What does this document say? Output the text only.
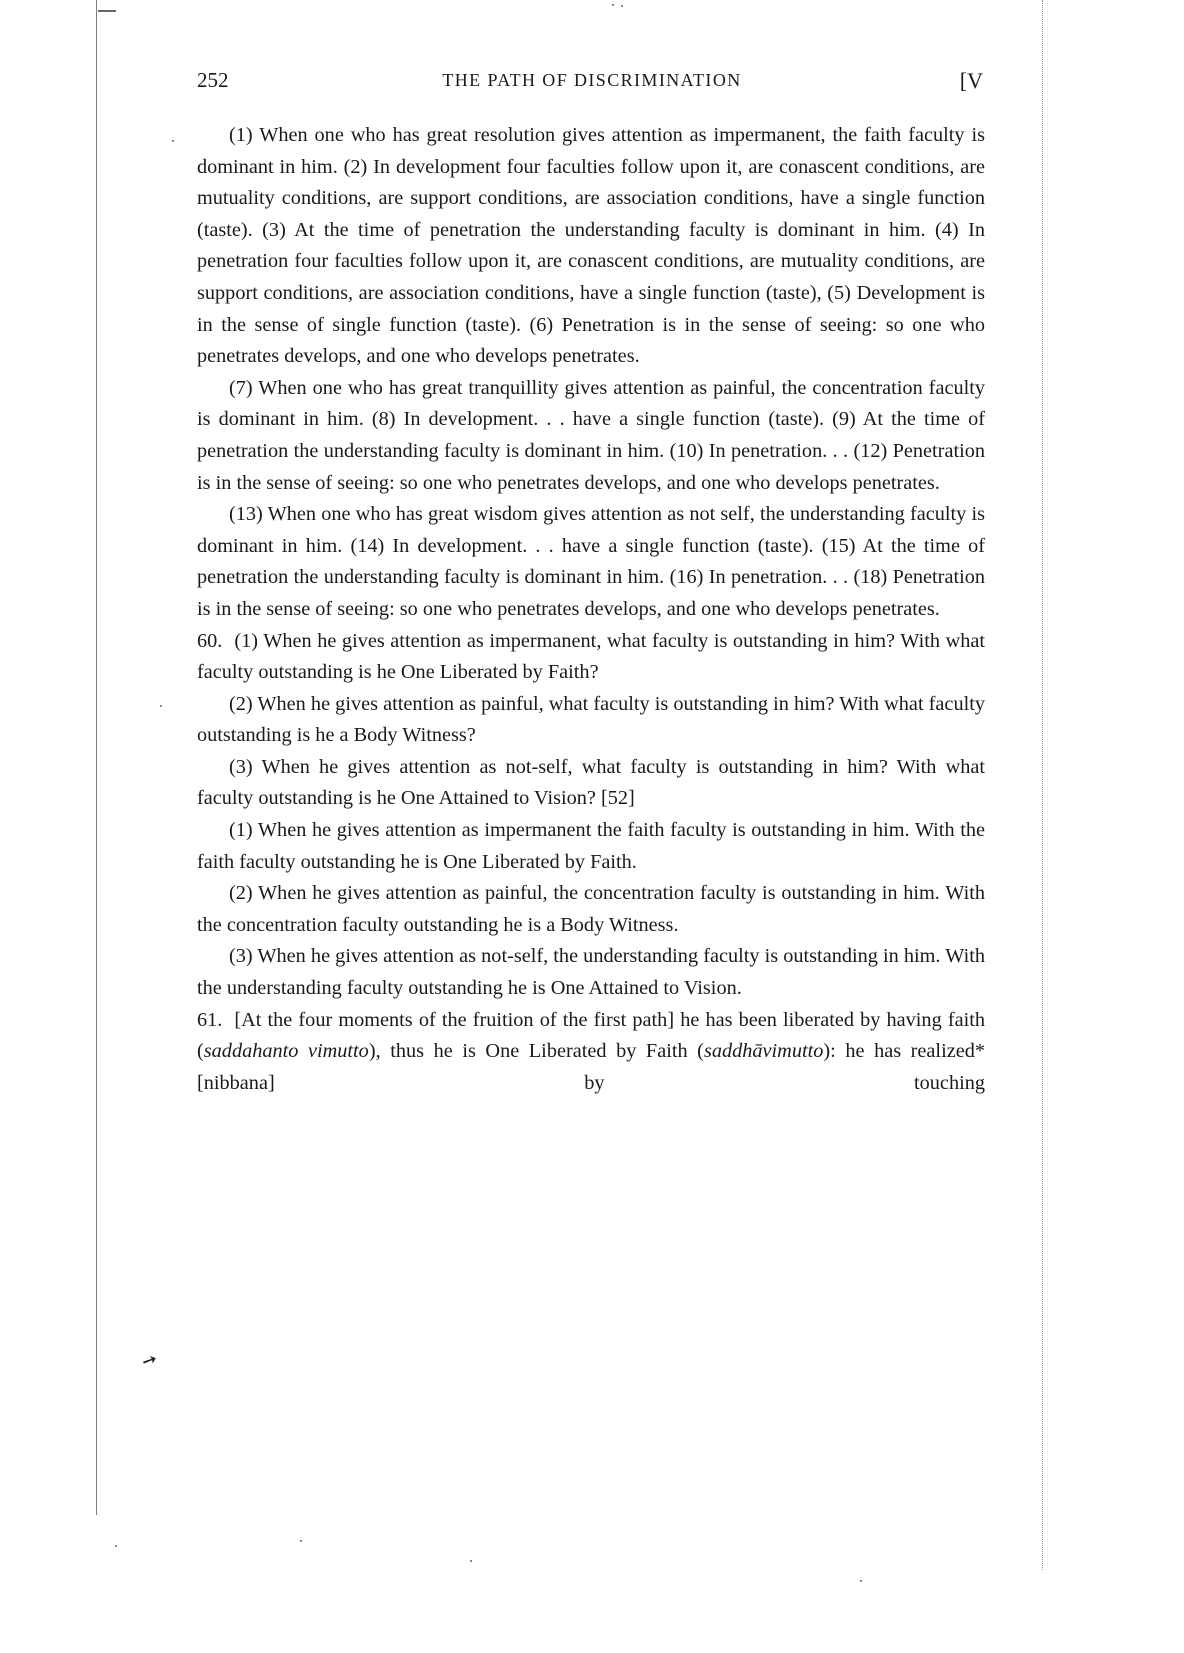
252	THE PATH OF DISCRIMINATION	[V

(1) When one who has great resolution gives attention as impermanent, the faith faculty is dominant in him. (2) In development four faculties follow upon it, are conascent conditions, are mutuality conditions, are support conditions, are association conditions, have a single function (taste). (3) At the time of penetration the understanding faculty is dominant in him. (4) In penetration four faculties follow upon it, are conascent conditions, are mutuality conditions, are support conditions, are association conditions, have a single function (taste), (5) Development is in the sense of single function (taste). (6) Penetration is in the sense of seeing: so one who penetrates develops, and one who develops penetrates.

(7) When one who has great tranquillity gives attention as painful, the concentration faculty is dominant in him. (8) In development. . . have a single function (taste). (9) At the time of penetration the understanding faculty is dominant in him. (10) In penetration. . . (12) Penetration is in the sense of seeing: so one who penetrates develops, and one who develops penetrates.

(13) When one who has great wisdom gives attention as not self, the understanding faculty is dominant in him. (14) In development. . . have a single function (taste). (15) At the time of penetration the understanding faculty is dominant in him. (16) In penetration. . . (18) Penetration is in the sense of seeing: so one who penetrates develops, and one who develops penetrates.

60. (1) When he gives attention as impermanent, what faculty is outstanding in him? With what faculty outstanding is he One Liberated by Faith?

(2) When he gives attention as painful, what faculty is outstanding in him? With what faculty outstanding is he a Body Witness?

(3) When he gives attention as not-self, what faculty is outstanding in him? With what faculty outstanding is he One Attained to Vision? [52]

(1) When he gives attention as impermanent the faith faculty is outstanding in him. With the faith faculty outstanding he is One Liberated by Faith.

(2) When he gives attention as painful, the concentration faculty is outstanding in him. With the concentration faculty outstanding he is a Body Witness.

(3) When he gives attention as not-self, the understanding faculty is outstanding in him. With the understanding faculty outstanding he is One Attained to Vision.

61. [At the four moments of the fruition of the first path] he has been liberated by having faith (saddahanto vimutto), thus he is One Liberated by Faith (saddhāvimutto): he has realized* [nibbana] by touching

➙
